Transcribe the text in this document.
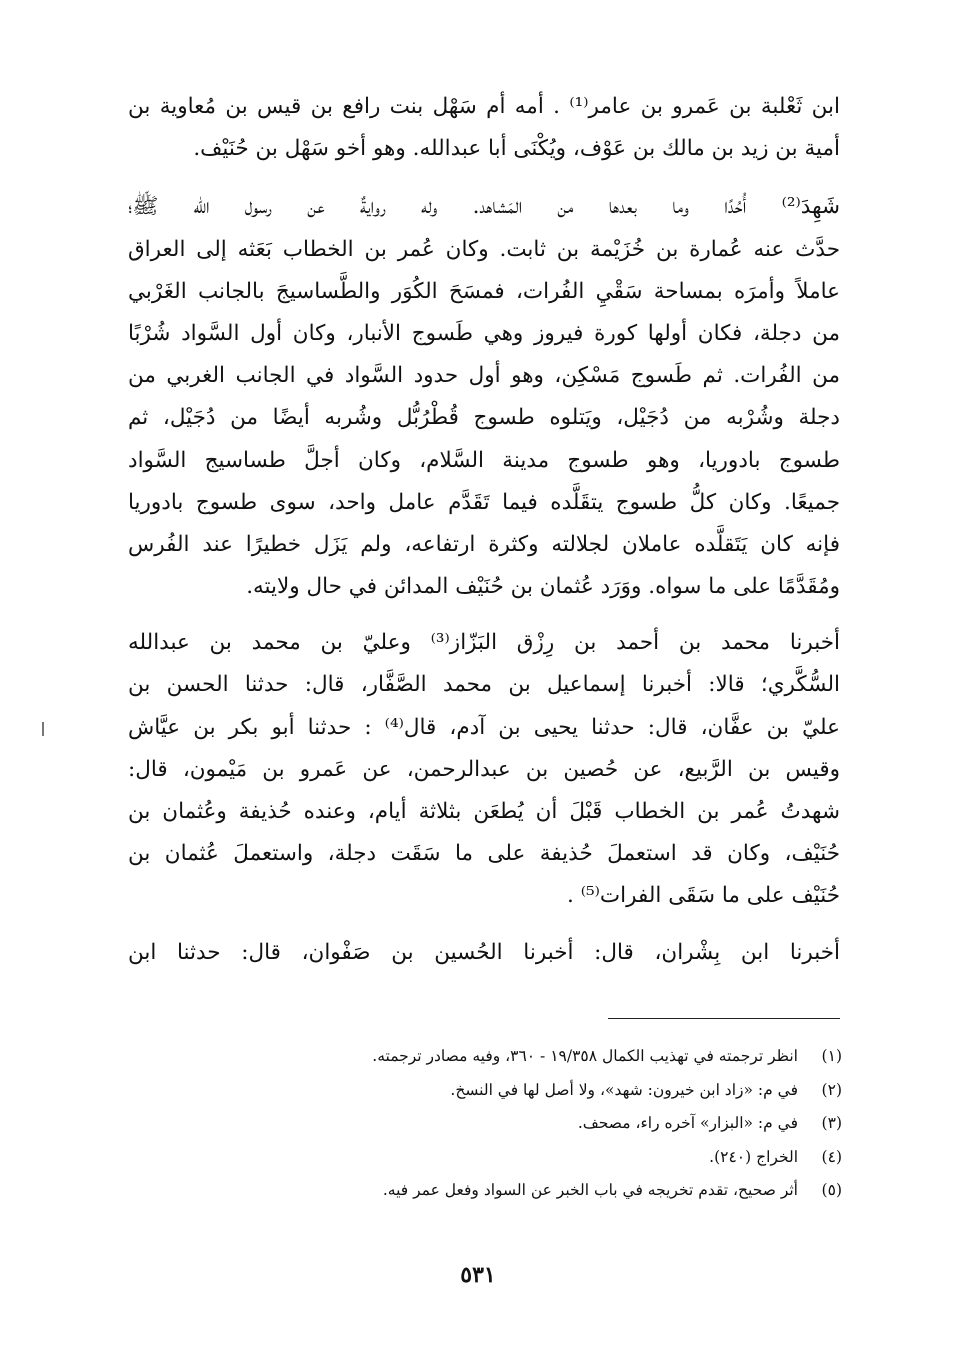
ابن ثَعْلبة بن عَمرو بن عامر⁽¹⁾ . أمه أم سَهْل بنت رافع بن قيس بن مُعاوية بن
أمية بن زيد بن مالك بن عَوْف، ويُكْنَى أبا عبدالله. وهو أخو سَهْل بن حُنَيْف.
شَهِدَ⁽²⁾ أُحُدًا وما بعدها من المَشاهد. وله روايةٌ عن رسول الله ﷺ؛
حدَّث عنه عُمارة بن خُزَيْمة بن ثابت. وكان عُمر بن الخطاب بَعَثه إلى العراق
عاملاً وأمرَه بمساحة سَقْيِ الفُرات، فمسَحَ الكُوَر والطَّساسيجَ بالجانب الغَرْبي
من دجلة، فكان أولها كورة فيروز وهي طَسوج الأنبار، وكان أول السَّواد شُرْبًا
من الفُرات. ثم طَسوج مَسْكِن، وهو أول حدود السَّواد في الجانب الغربي من
دجلة وشُرْبه من دُجَيْل، ويَتلوه طسوج قُطْرُبُّل وشُربه أيضًا من دُجَيْل، ثم
طسوج بادوريا، وهو طسوج مدينة السَّلام، وكان أجلَّ طساسيج السَّواد
جميعًا. وكان كلُّ طسوج يتقَلَّده فيما تَقَدَّم عامل واحد، سوى طسوج بادوريا
فإنه كان يَتَقلَّده عاملان لجلالته وكثرة ارتفاعه، ولم يَزَل خطيرًا عند الفُرس
ومُقَدَّمًا على ما سواه. ووَرَد عُثمان بن حُنَيْف المدائن في حال ولايته.
أخبرنا محمد بن أحمد بن رِزْق البَزّاز⁽³⁾ وعليّ بن محمد بن عبدالله
السُّكَّري؛ قالا: أخبرنا إسماعيل بن محمد الصَّفَّار، قال: حدثنا الحسن بن
عليّ بن عفَّان، قال: حدثنا يحيى بن آدم، قال⁽⁴⁾ : حدثنا أبو بكر بن عيَّاش
وقيس بن الرَّبيع، عن حُصين بن عبدالرحمن، عن عَمرو بن مَيْمون، قال:
شهدتُ عُمر بن الخطاب قَبْلَ أن يُطعَن بثلاثة أيام، وعنده حُذيفة وعُثمان بن
حُنَيْف، وكان قد استعملَ حُذيفة على ما سَقَت دجلة، واستعملَ عُثمان بن
حُنَيْف على ما سَقَى الفرات⁽⁵⁾ .
أخبرنا ابن بِشْران، قال: أخبرنا الحُسين بن صَفْوان، قال: حدثنا ابن
(١)
انظر ترجمته في تهذيب الكمال ١٩/٣٥٨ - ٣٦٠، وفيه مصادر ترجمته.
(٢)
في م: «زاد ابن خيرون: شهد»، ولا أصل لها في النسخ.
(٣)
في م: «البزار» آخره راء، مصحف.
(٤)
الخراج (٢٤٠).
(٥)
أثر صحيح، تقدم تخريجه في باب الخبر عن السواد وفعل عمر فيه.
٥٣١
